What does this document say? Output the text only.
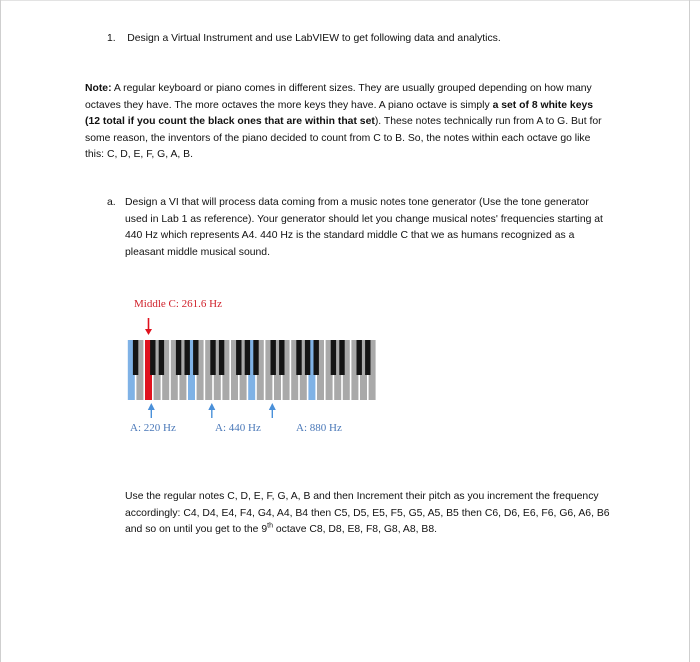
1. Design a Virtual Instrument and use LabVIEW to get following data and analytics.

Note: A regular keyboard or piano comes in different sizes. They are usually grouped depending on how many octaves they have. The more octaves the more keys they have. A piano octave is simply a set of 8 white keys (12 total if you count the black ones that are within that set). These notes technically run from A to G. But for some reason, the inventors of the piano decided to count from C to B. So, the notes within each octave go like this: C, D, E, F, G, A, B.

a. Design a VI that will process data coming from a music notes tone generator (Use the tone generator used in Lab 1 as reference). Your generator should let you change musical notes' frequencies starting at 440 Hz which represents A4. 440 Hz is the standard middle C that we as humans recognized as a pleasant middle musical sound.

Middle C: 261.6 Hz
A: 220 Hz	A: 440 Hz	A: 880 Hz

Use the regular notes C, D, E, F, G, A, B and then Increment their pitch as you increment the frequency accordingly: C4, D4, E4, F4, G4, A4, B4 then C5, D5, E5, F5, G5, A5, B5 then C6, D6, E6, F6, G6, A6, B6 and so on until you get to the 9th octave C8, D8, E8, F8, G8, A8, B8.
